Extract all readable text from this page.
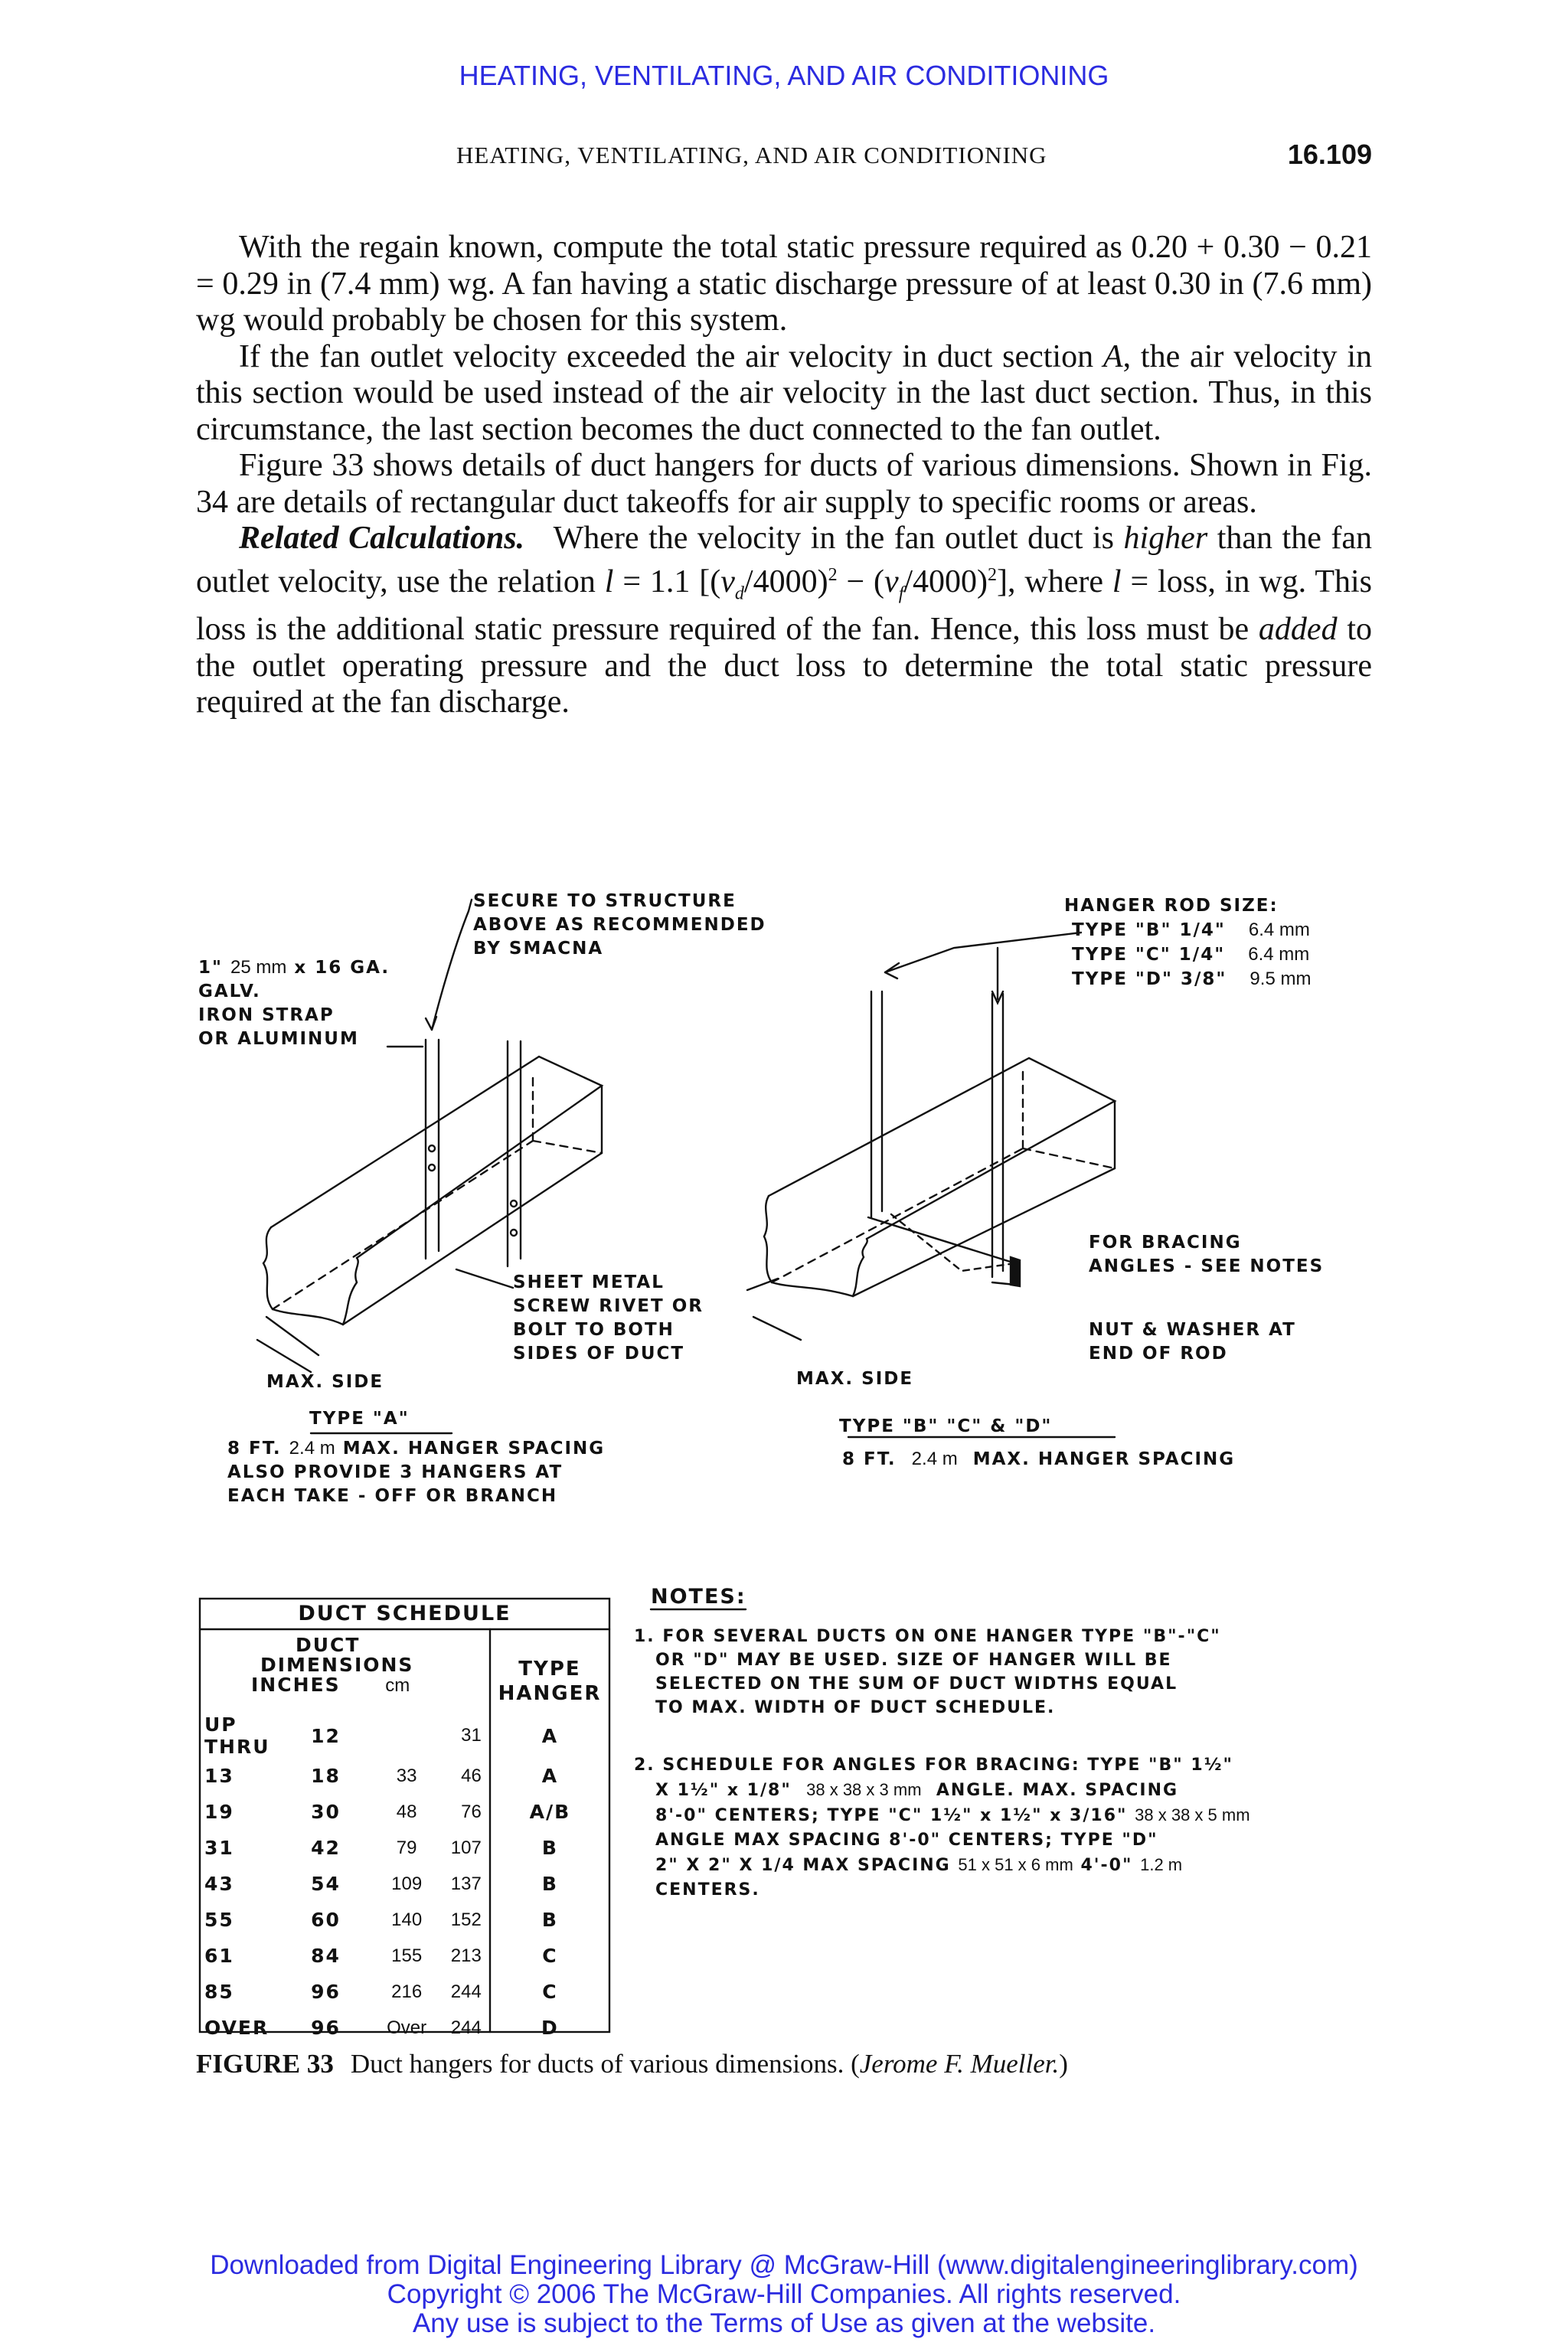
HEATING, VENTILATING, AND AIR CONDITIONING
HEATING, VENTILATING, AND AIR CONDITIONING	16.109

With the regain known, compute the total static pressure required as 0.20 + 0.30 − 0.21 = 0.29 in (7.4 mm) wg. A fan having a static discharge pressure of at least 0.30 in (7.6 mm) wg would probably be chosen for this system.

If the fan outlet velocity exceeded the air velocity in duct section A, the air velocity in this section would be used instead of the air velocity in the last duct section. Thus, in this circumstance, the last section becomes the duct connected to the fan outlet.

Figure 33 shows details of duct hangers for ducts of various dimensions. Shown in Fig. 34 are details of rectangular duct takeoffs for air supply to specific rooms or areas.

Related Calculations. Where the velocity in the fan outlet duct is higher than the fan outlet velocity, use the relation l = 1.1 $[(v_d/4000)^2 - (v_f/4000)^2]$, where l = loss, in wg. This loss is the additional static pressure required of the fan. Hence, this loss must be added to the outlet operating pressure and the duct loss to determine the total static pressure required at the fan discharge.

SECURE TO STRUCTURE
ABOVE AS RECOMMENDED
BY SMACNA
1" 25 mm x 16 GA.
GALV.
IRON STRAP
OR ALUMINUM
HANGER ROD SIZE:
TYPE "B" 1/4" 6.4 mm
TYPE "C" 1/4" 6.4 mm
TYPE "D" 3/8" 9.5 mm
SHEET METAL
SCREW RIVET OR
BOLT TO BOTH
SIDES OF DUCT
FOR BRACING
ANGLES - SEE NOTES
NUT & WASHER AT
END OF ROD
MAX. SIDE	MAX. SIDE
TYPE "A"
8 FT. 2.4 m MAX. HANGER SPACING
ALSO PROVIDE 3 HANGERS AT
EACH TAKE - OFF OR BRANCH
TYPE "B" "C" & "D"
8 FT. 2.4 m MAX. HANGER SPACING
DUCT SCHEDULE
DUCT
DIMENSIONS
INCHES cm
TYPE
HANGER
UP THRU	12		31	A
13	18	33	46	A
19	30	48	76	A/B
31	42	79	107	B
43	54	109	137	B
55	60	140	152	B
61	84	155	213	C
85	96	216	244	C
OVER	96	Over	244	D
NOTES:
1. FOR SEVERAL DUCTS ON ONE HANGER TYPE "B"-"C"
OR "D" MAY BE USED. SIZE OF HANGER WILL BE
SELECTED ON THE SUM OF DUCT WIDTHS EQUAL
TO MAX. WIDTH OF DUCT SCHEDULE.
2. SCHEDULE FOR ANGLES FOR BRACING: TYPE "B" 1½"
X 1½" x 1/8" 38 x 38 x 3 mm ANGLE. MAX. SPACING
8'-0" CENTERS; TYPE "C" 1½" x 1½" x 3/16" 38 x 38 x 5 mm
ANGLE MAX SPACING 8'-0" CENTERS; TYPE "D"
2" X 2" X 1/4 MAX SPACING 51 x 51 x 6 mm 4'-0" 1.2 m
CENTERS.
FIGURE 33 Duct hangers for ducts of various dimensions. (Jerome F. Mueller.)
Downloaded from Digital Engineering Library @ McGraw-Hill (www.digitalengineeringlibrary.com)
Copyright © 2006 The McGraw-Hill Companies. All rights reserved.
Any use is subject to the Terms of Use as given at the website.
